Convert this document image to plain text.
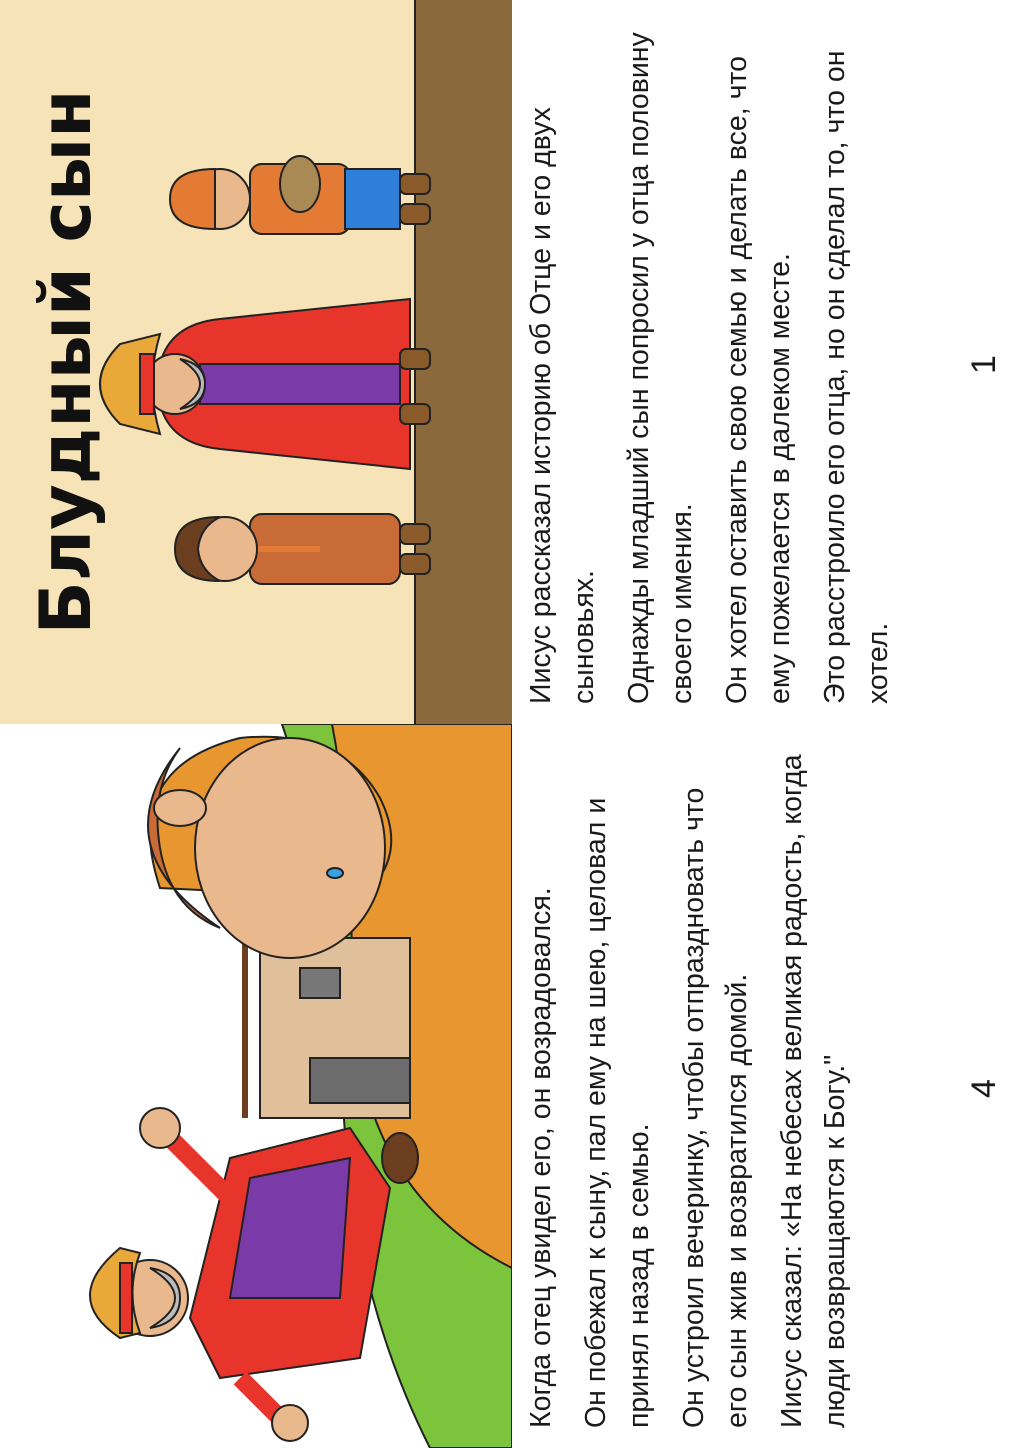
Блудный сын	Иисус рассказал историю об Отце и его двух сыновьях. Однажды младший сын попросил у отца половину своего имения. Он хотел оставить свою семью и делать все, что ему пожелается в далеком месте. Это расстроило его отца, но он сделал то, что он хотел.

1

Когда отец увидел его, он возрадовался. Он побежал к сыну, пал ему на шею, целовал и принял назад в семью. Он устроил вечеринку, чтобы отпраздновать что его сын жив и возвратился домой. Иисус сказал: «На небесах великая радость, когда люди возвращаются к Богу."	4
